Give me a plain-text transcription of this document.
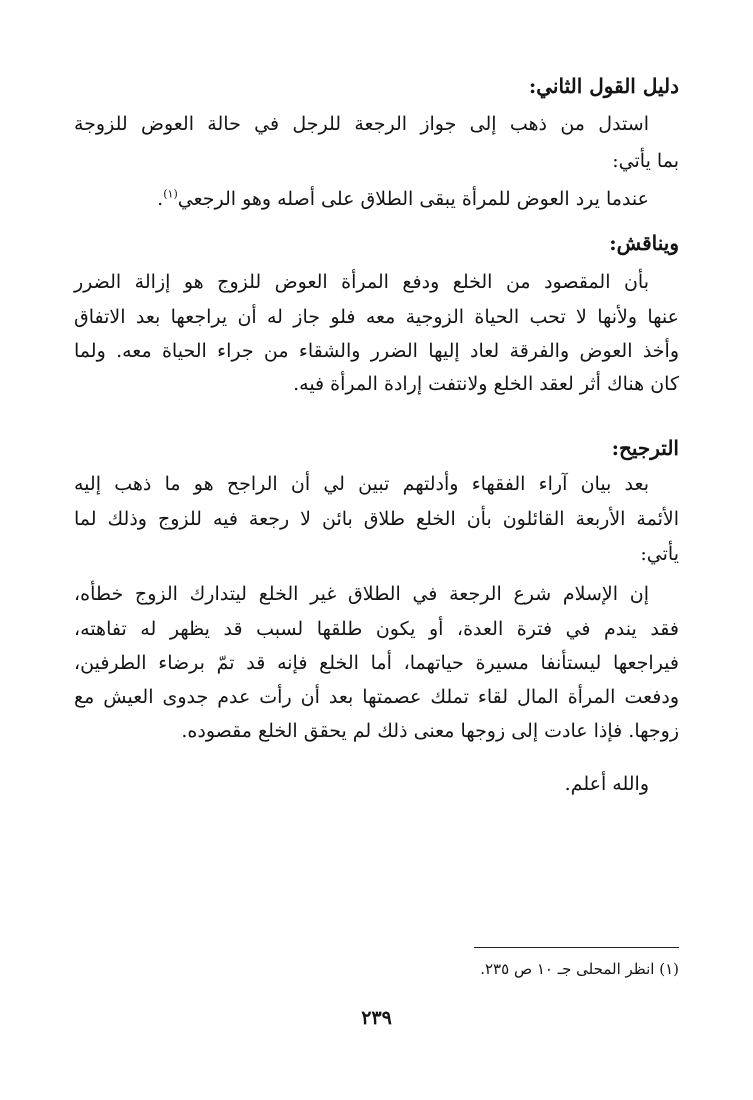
دليل القول الثاني:
استدل من ذهب إلى جواز الرجعة للرجل في حالة العوض للزوجة
بما يأتي:
عندما يرد العوض للمرأة يبقى الطلاق على أصله وهو الرجعي$^{(١)}$.
ويناقش:
بأن المقصود من الخلع ودفع المرأة العوض للزوج هو إزالة الضرر
عنها ولأنها لا تحب الحياة الزوجية معه فلو جاز له أن يراجعها بعد الاتفاق
وأخذ العوض والفرقة لعاد إليها الضرر والشقاء من جراء الحياة معه. ولما
كان هناك أثر لعقد الخلع ولانتفت إرادة المرأة فيه.
الترجيح:
بعد بيان آراء الفقهاء وأدلتهم تبين لي أن الراجح هو ما ذهب إليه
الأئمة الأربعة القائلون بأن الخلع طلاق بائن لا رجعة فيه للزوج وذلك لما
يأتي:
إن الإسلام شرع الرجعة في الطلاق غير الخلع ليتدارك الزوج خطأه،
فقد يندم في فترة العدة، أو يكون طلقها لسبب قد يظهر له تفاهته،
فيراجعها ليستأنفا مسيرة حياتهما، أما الخلع فإنه قد تمّ برضاء الطرفين،
ودفعت المرأة المال لقاء تملك عصمتها بعد أن رأت عدم جدوى العيش مع
زوجها. فإذا عادت إلى زوجها معنى ذلك لم يحقق الخلع مقصوده.
والله أعلم.
(١) انظر المحلى جـ ١٠ ص ٢٣٥.
٢٣٩
